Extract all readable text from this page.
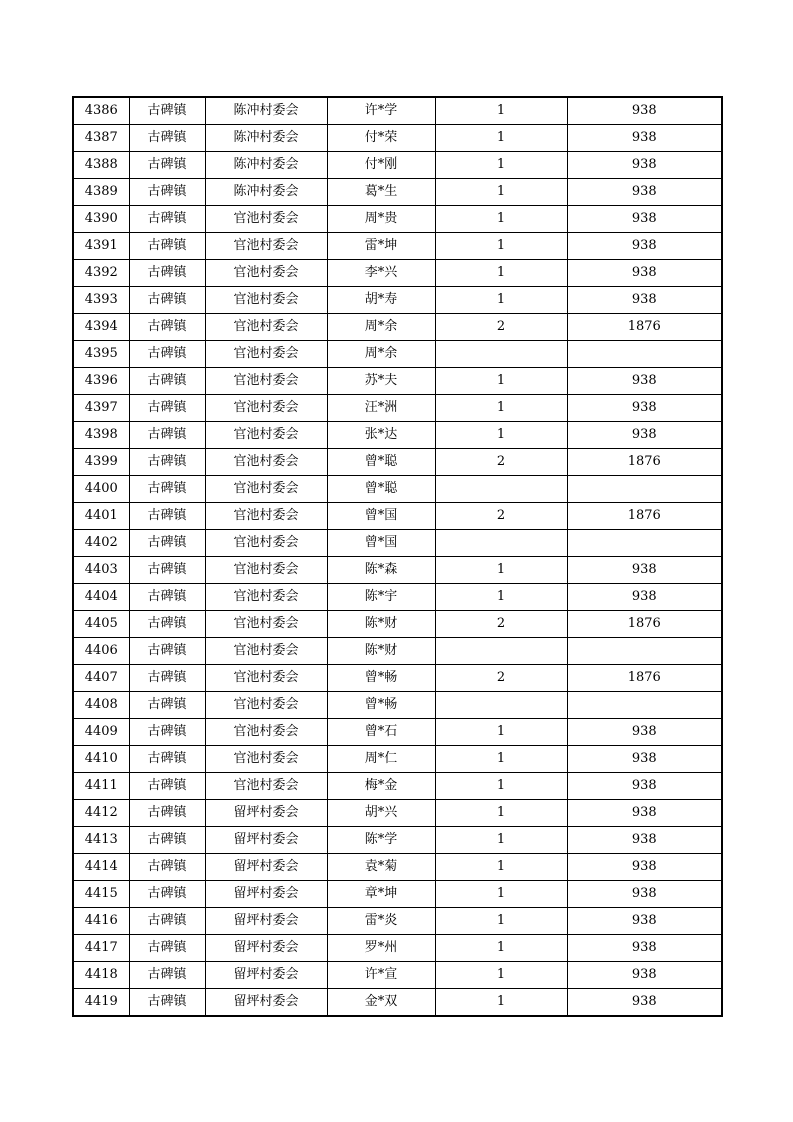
4386	古碑镇	陈冲村委会	许*学	1	938
4387	古碑镇	陈冲村委会	付*荣	1	938
4388	古碑镇	陈冲村委会	付*刚	1	938
4389	古碑镇	陈冲村委会	葛*生	1	938
4390	古碑镇	官池村委会	周*贵	1	938
4391	古碑镇	官池村委会	雷*坤	1	938
4392	古碑镇	官池村委会	李*兴	1	938
4393	古碑镇	官池村委会	胡*寿	1	938
4394	古碑镇	官池村委会	周*余	2	1876
4395	古碑镇	官池村委会	周*余		
4396	古碑镇	官池村委会	苏*夫	1	938
4397	古碑镇	官池村委会	汪*洲	1	938
4398	古碑镇	官池村委会	张*达	1	938
4399	古碑镇	官池村委会	曾*聪	2	1876
4400	古碑镇	官池村委会	曾*聪		
4401	古碑镇	官池村委会	曾*国	2	1876
4402	古碑镇	官池村委会	曾*国		
4403	古碑镇	官池村委会	陈*森	1	938
4404	古碑镇	官池村委会	陈*宇	1	938
4405	古碑镇	官池村委会	陈*财	2	1876
4406	古碑镇	官池村委会	陈*财		
4407	古碑镇	官池村委会	曾*畅	2	1876
4408	古碑镇	官池村委会	曾*畅		
4409	古碑镇	官池村委会	曾*石	1	938
4410	古碑镇	官池村委会	周*仁	1	938
4411	古碑镇	官池村委会	梅*金	1	938
4412	古碑镇	留坪村委会	胡*兴	1	938
4413	古碑镇	留坪村委会	陈*学	1	938
4414	古碑镇	留坪村委会	袁*菊	1	938
4415	古碑镇	留坪村委会	章*坤	1	938
4416	古碑镇	留坪村委会	雷*炎	1	938
4417	古碑镇	留坪村委会	罗*州	1	938
4418	古碑镇	留坪村委会	许*宣	1	938
4419	古碑镇	留坪村委会	金*双	1	938
